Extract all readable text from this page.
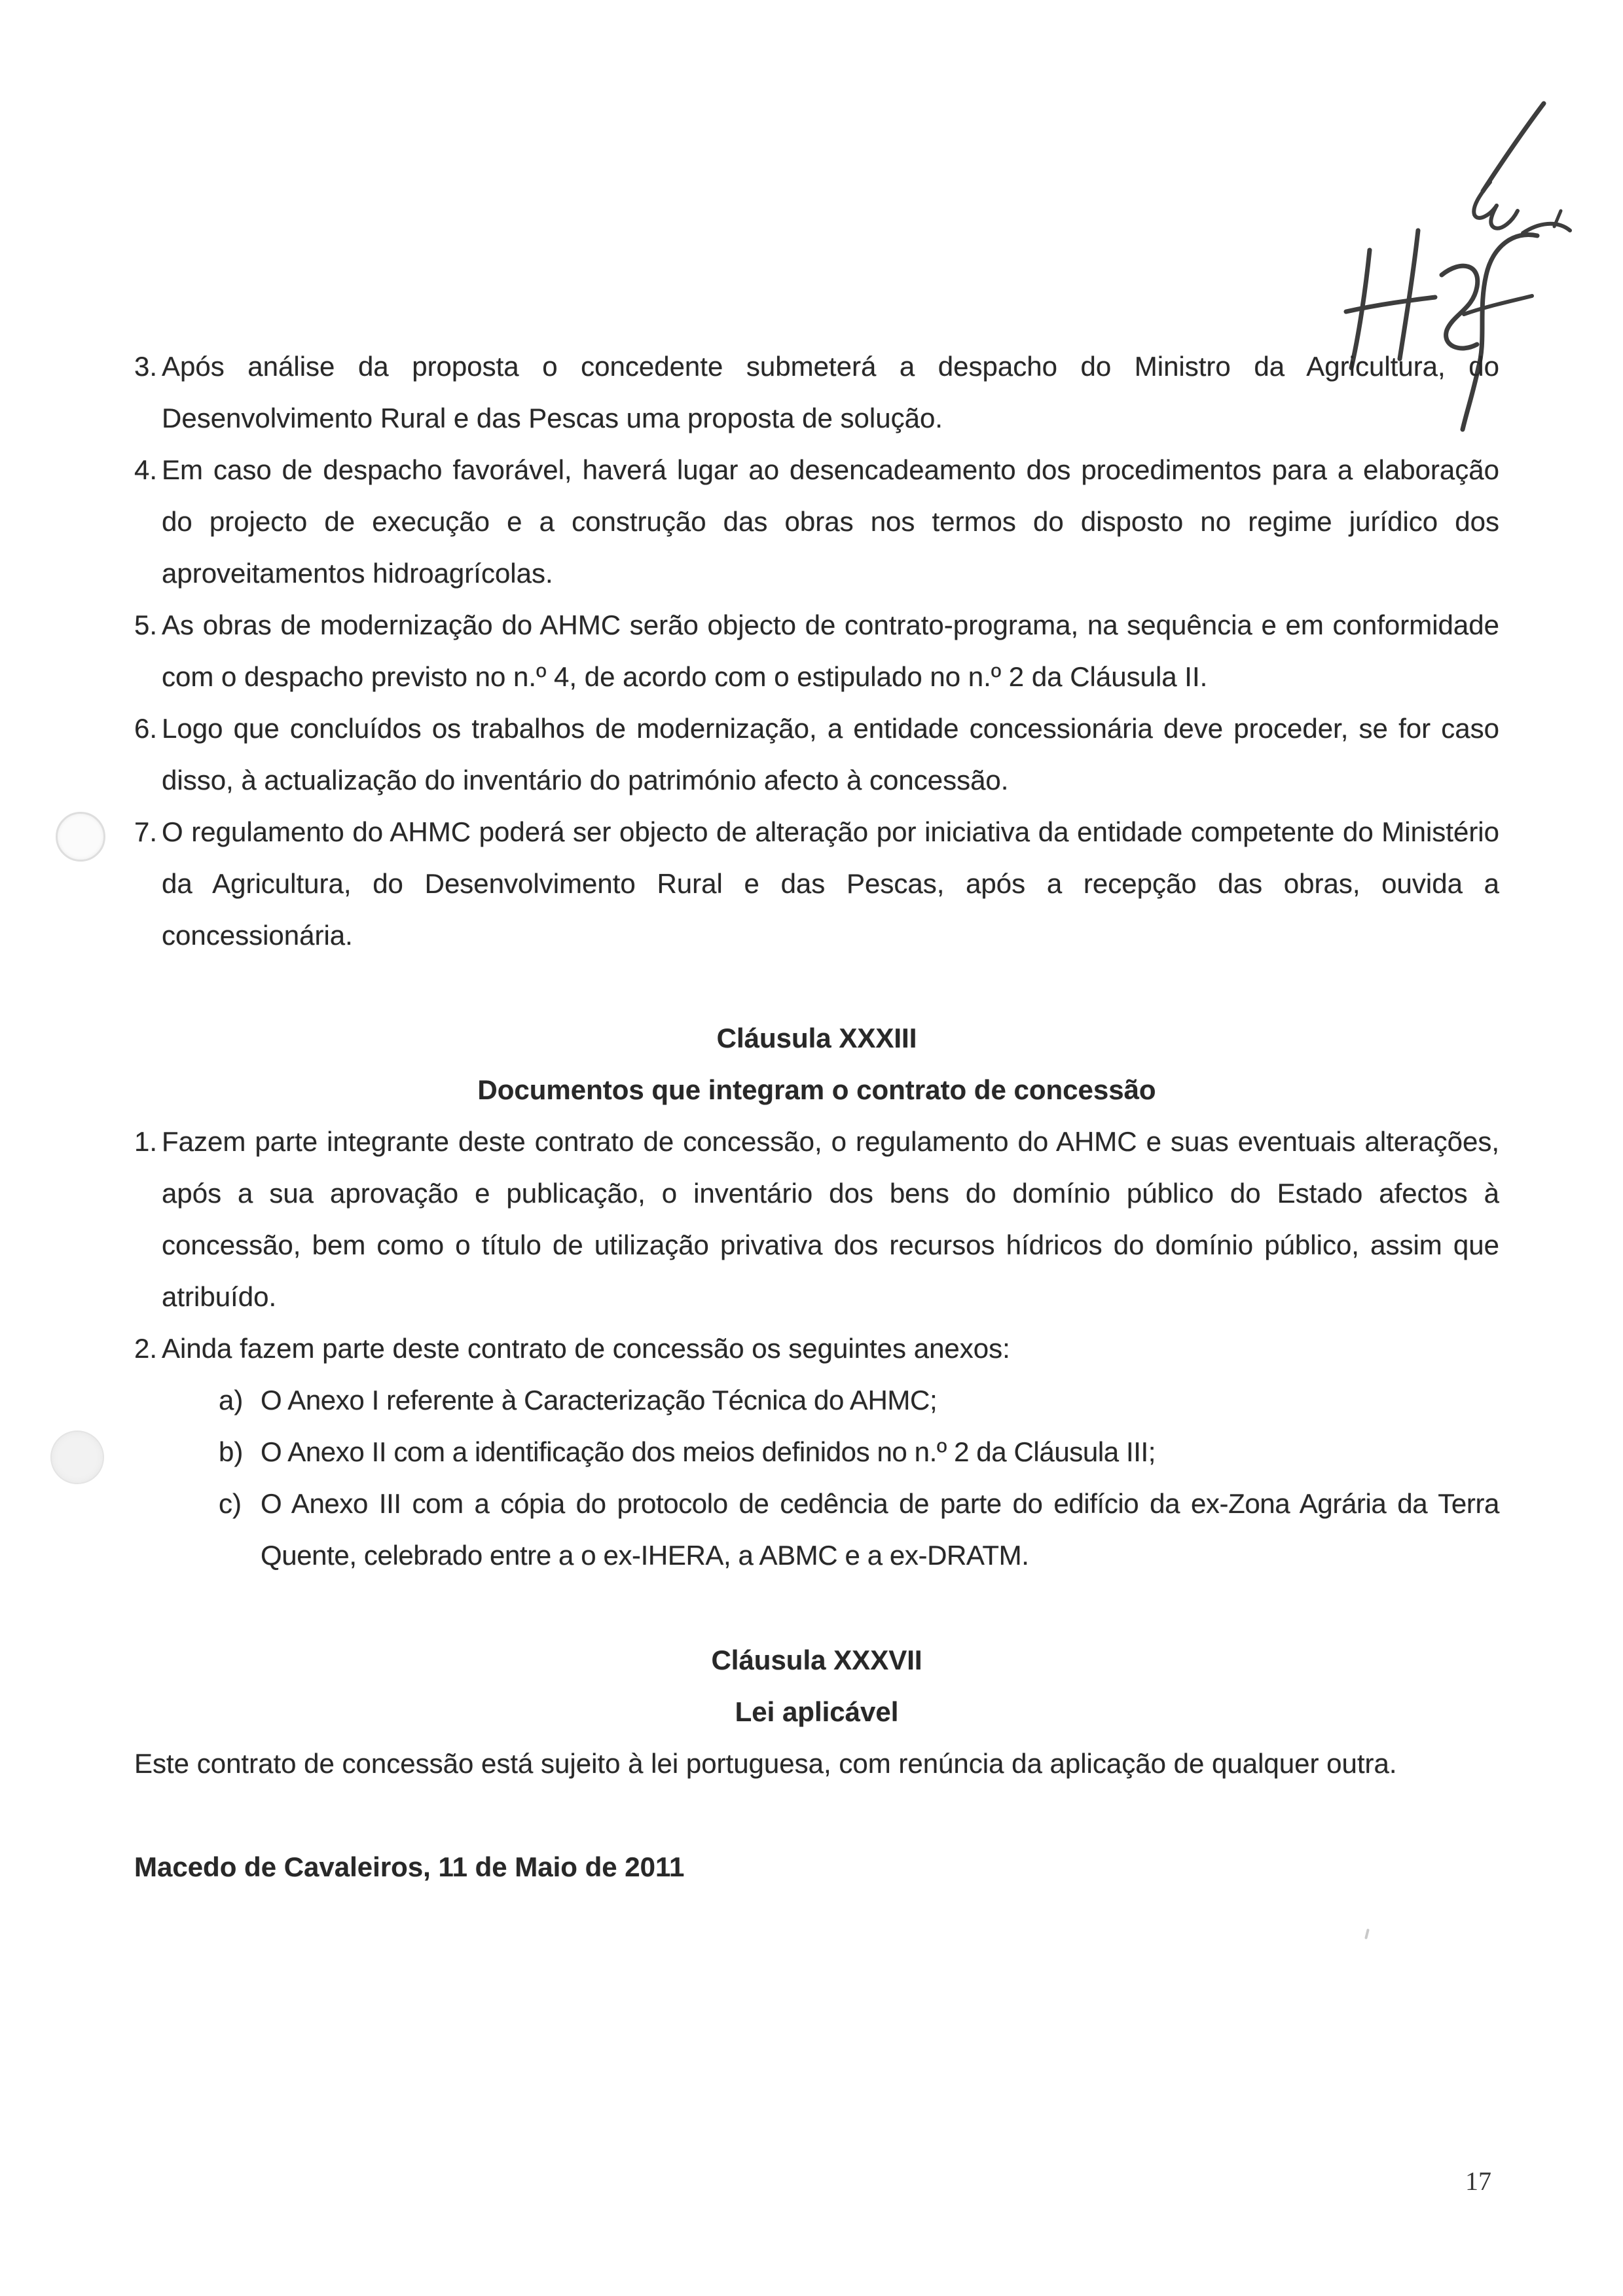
3. Após análise da proposta o concedente submeterá a despacho do Ministro da Agricultura, do Desenvolvimento Rural e das Pescas uma proposta de solução.
4. Em caso de despacho favorável, haverá lugar ao desencadeamento dos procedimentos para a elaboração do projecto de execução e a construção das obras nos termos do disposto no regime jurídico dos aproveitamentos hidroagrícolas.
5. As obras de modernização do AHMC serão objecto de contrato-programa, na sequência e em conformidade com o despacho previsto no n.º 4, de acordo com o estipulado no n.º 2 da Cláusula II.
6. Logo que concluídos os trabalhos de modernização, a entidade concessionária deve proceder, se for caso disso, à actualização do inventário do património afecto à concessão.
7. O regulamento do AHMC poderá ser objecto de alteração por iniciativa da entidade competente do Ministério da Agricultura, do Desenvolvimento Rural e das Pescas, após a recepção das obras, ouvida a concessionária.
Cláusula XXXIII
Documentos que integram o contrato de concessão
1. Fazem parte integrante deste contrato de concessão, o regulamento do AHMC e suas eventuais alterações, após a sua aprovação e publicação, o inventário dos bens do domínio público do Estado afectos à concessão, bem como o título de utilização privativa dos recursos hídricos do domínio público, assim que atribuído.
2. Ainda fazem parte deste contrato de concessão os seguintes anexos:
a) O Anexo I referente à Caracterização Técnica do AHMC;
b) O Anexo II com a identificação dos meios definidos no n.º 2 da Cláusula III;
c) O Anexo III com a cópia do protocolo de cedência de parte do edifício da ex-Zona Agrária da Terra Quente, celebrado entre a o ex-IHERA, a ABMC e a ex-DRATM.
Cláusula XXXVII
Lei aplicável
Este contrato de concessão está sujeito à lei portuguesa, com renúncia da aplicação de qualquer outra.
Macedo de Cavaleiros, 11 de Maio de 2011
17
